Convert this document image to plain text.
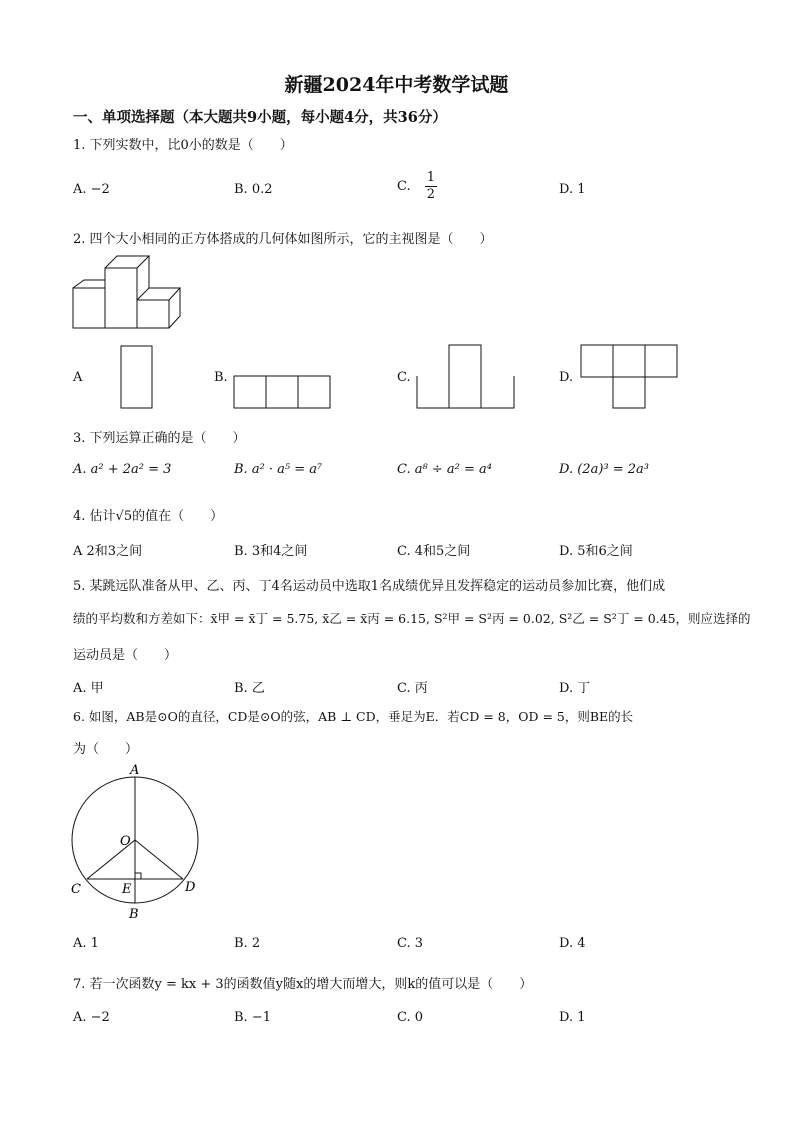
新疆2024年中考数学试题
一、单项选择题（本大题共9小题，每小题4分，共36分）
1. 下列实数中，比0小的数是（　　）
A. −2	B. 0.2	C. $\frac{1}{2}$	D. 1
2. 四个大小相同的正方体搭成的几何体如图所示，它的主视图是（　　）
A	B.	C.	D.
3. 下列运算正确的是（　　）
A. a² + 2a² = 3	B. a² · a⁵ = a⁷	C. a⁸ ÷ a² = a⁴	D. (2a)³ = 2a³
4. 估计√5的值在（　　）
A 2和3之间	B. 3和4之间	C. 4和5之间	D. 5和6之间
5. 某跳远队准备从甲、乙、丙、丁4名运动员中选取1名成绩优异且发挥稳定的运动员参加比赛，他们成
绩的平均数和方差如下：x̄甲 = x̄丁 = 5.75, x̄乙 = x̄丙 = 6.15, S²甲 = S²丙 = 0.02, S²乙 = S²丁 = 0.45，则应选择的
运动员是（　　）
A. 甲	B. 乙	C. 丙	D. 丁
6. 如图，AB是⊙O的直径，CD是⊙O的弦，AB ⊥ CD，垂足为E．若CD = 8，OD = 5，则BE的长
为（　　）
A
O
C	E	D
B
A. 1	B. 2	C. 3	D. 4
7. 若一次函数y = kx + 3的函数值y随x的增大而增大，则k的值可以是（　　）
A. −2	B. −1	C. 0	D. 1
